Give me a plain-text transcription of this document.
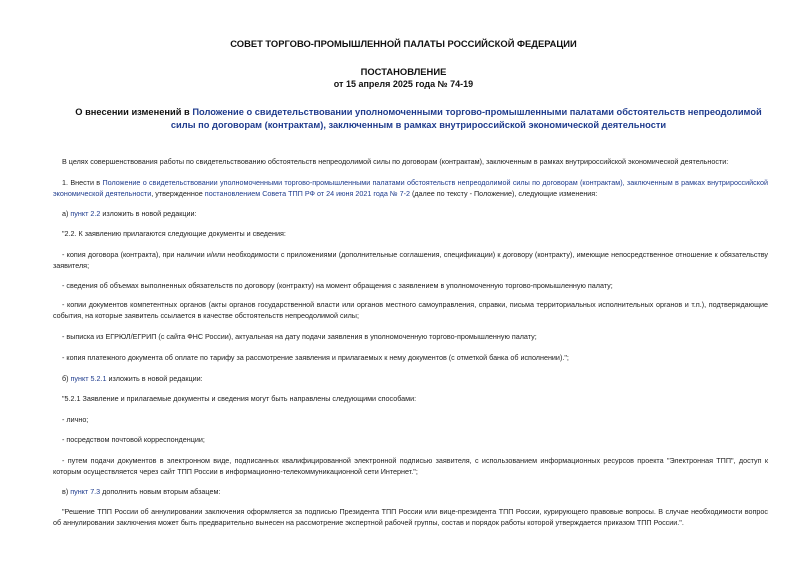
СОВЕТ ТОРГОВО-ПРОМЫШЛЕННОЙ ПАЛАТЫ РОССИЙСКОЙ ФЕДЕРАЦИИ
ПОСТАНОВЛЕНИЕ
от 15 апреля 2025 года № 74-19
О внесении изменений в Положение о свидетельствовании уполномоченными торгово-промышленными палатами обстоятельств непреодолимой силы по договорам (контрактам), заключенным в рамках внутрироссийской экономической деятельности
В целях совершенствования работы по свидетельствованию обстоятельств непреодолимой силы по договорам (контрактам), заключенным в рамках внутрироссийской экономической деятельности:
1. Внести в Положение о свидетельствовании уполномоченными торгово-промышленными палатами обстоятельств непреодолимой силы по договорам (контрактам), заключенным в рамках внутрироссийской экономической деятельности, утвержденное постановлением Совета ТПП РФ от 24 июня 2021 года № 7-2 (далее по тексту - Положение), следующие изменения:
а) пункт 2.2 изложить в новой редакции:
"2.2. К заявлению прилагаются следующие документы и сведения:
- копия договора (контракта), при наличии и/или необходимости с приложениями (дополнительные соглашения, спецификации) к договору (контракту), имеющие непосредственное отношение к обязательству заявителя;
- сведения об объемах выполненных обязательств по договору (контракту) на момент обращения с заявлением в уполномоченную торгово-промышленную палату;
- копии документов компетентных органов (акты органов государственной власти или органов местного самоуправления, справки, письма территориальных исполнительных органов и т.п.), подтверждающие события, на которые заявитель ссылается в качестве обстоятельств непреодолимой силы;
- выписка из ЕГРЮЛ/ЕГРИП (с сайта ФНС России), актуальная на дату подачи заявления в уполномоченную торгово-промышленную палату;
- копия платежного документа об оплате по тарифу за рассмотрение заявления и прилагаемых к нему документов (с отметкой банка об исполнении).";
б) пункт 5.2.1 изложить в новой редакции:
"5.2.1 Заявление и прилагаемые документы и сведения могут быть направлены следующими способами:
- лично;
- посредством почтовой корреспонденции;
- путем подачи документов в электронном виде, подписанных квалифицированной электронной подписью заявителя, с использованием информационных ресурсов проекта "Электронная ТПП", доступ к которым осуществляется через сайт ТПП России в информационно-телекоммуникационной сети Интернет.";
в) пункт 7.3 дополнить новым вторым абзацем:
"Решение ТПП России об аннулировании заключения оформляется за подписью Президента ТПП России или вице-президента ТПП России, курирующего правовые вопросы. В случае необходимости вопрос об аннулировании заключения может быть предварительно вынесен на рассмотрение экспертной рабочей группы, состав и порядок работы которой утверждается приказом ТПП России.".
